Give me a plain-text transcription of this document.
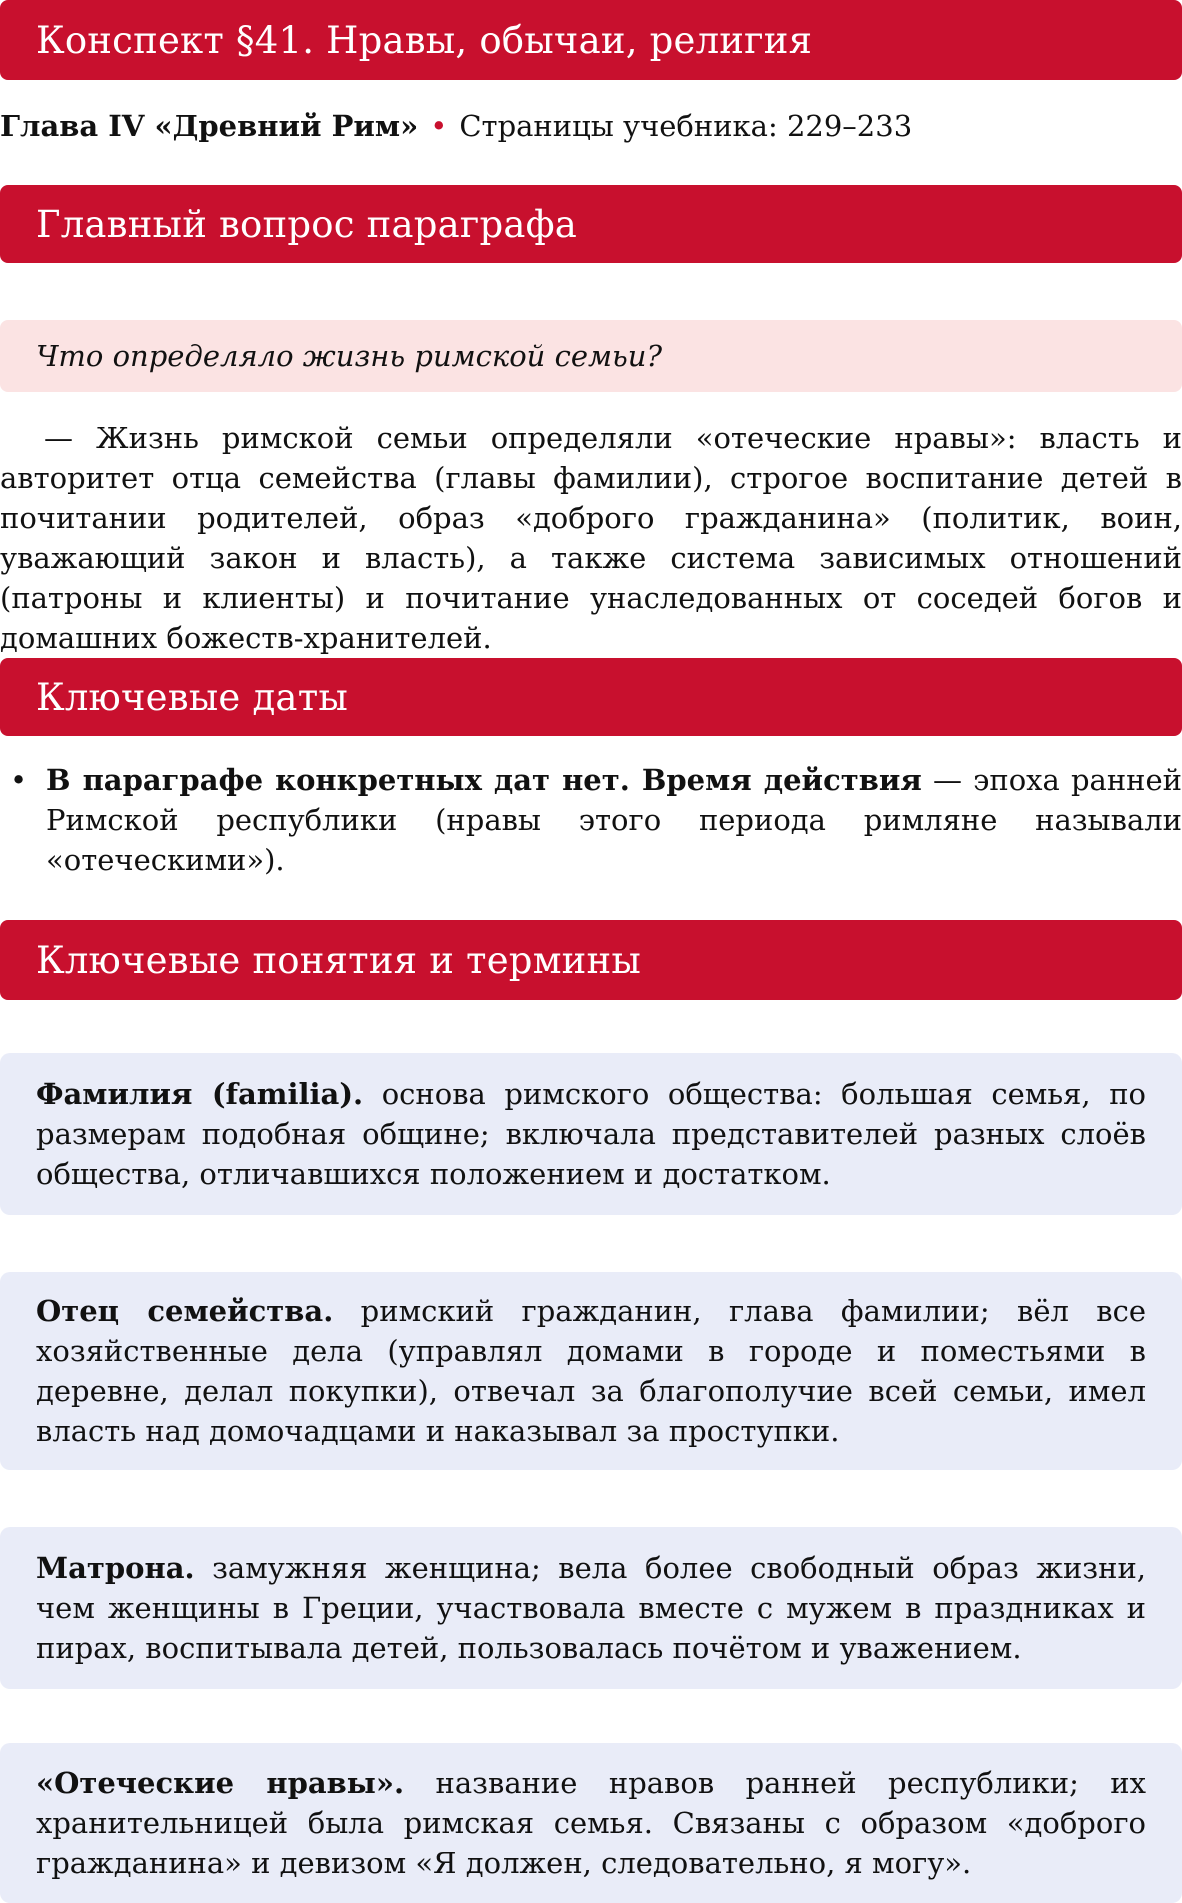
Конспект §41. Нравы, обычаи, религия
Глава IV «Древний Рим» • Страницы учебника: 229–233
Главный вопрос параграфа
Что определяло жизнь римской семьи?

— Жизнь римской семьи определяли «отеческие нравы»: власть и авторитет отца семейства (главы фамилии), строгое воспитание детей в почитании родителей, образ «доброго гражданина» (политик, воин, уважающий закон и власть), а также система зависимых отношений (патроны и клиенты) и почитание унаследованных от соседей богов и домашних божеств-хранителей.

Ключевые даты
• В параграфе конкретных дат нет. Время действия — эпоха ранней Римской республики (нравы этого периода римляне называли «отеческими»).
Ключевые понятия и термины
Фамилия (familia). основа римского общества: большая семья, по размерам подобная общине; включала представителей разных слоёв общества, отличавшихся положением и достатком.
Отец семейства. римский гражданин, глава фамилии; вёл все хозяйственные дела (управлял домами в городе и поместьями в деревне, делал покупки), отвечал за благополучие всей семьи, имел власть над домочадцами и наказывал за проступки.
Матрона. замужняя женщина; вела более свободный образ жизни, чем женщины в Греции, участвовала вместе с мужем в праздниках и пирах, воспитывала детей, пользовалась почётом и уважением.
«Отеческие нравы». название нравов ранней республики; их хранительницей была римская семья. Связаны с образом «доброго гражданина» и девизом «Я должен, следовательно, я могу».
